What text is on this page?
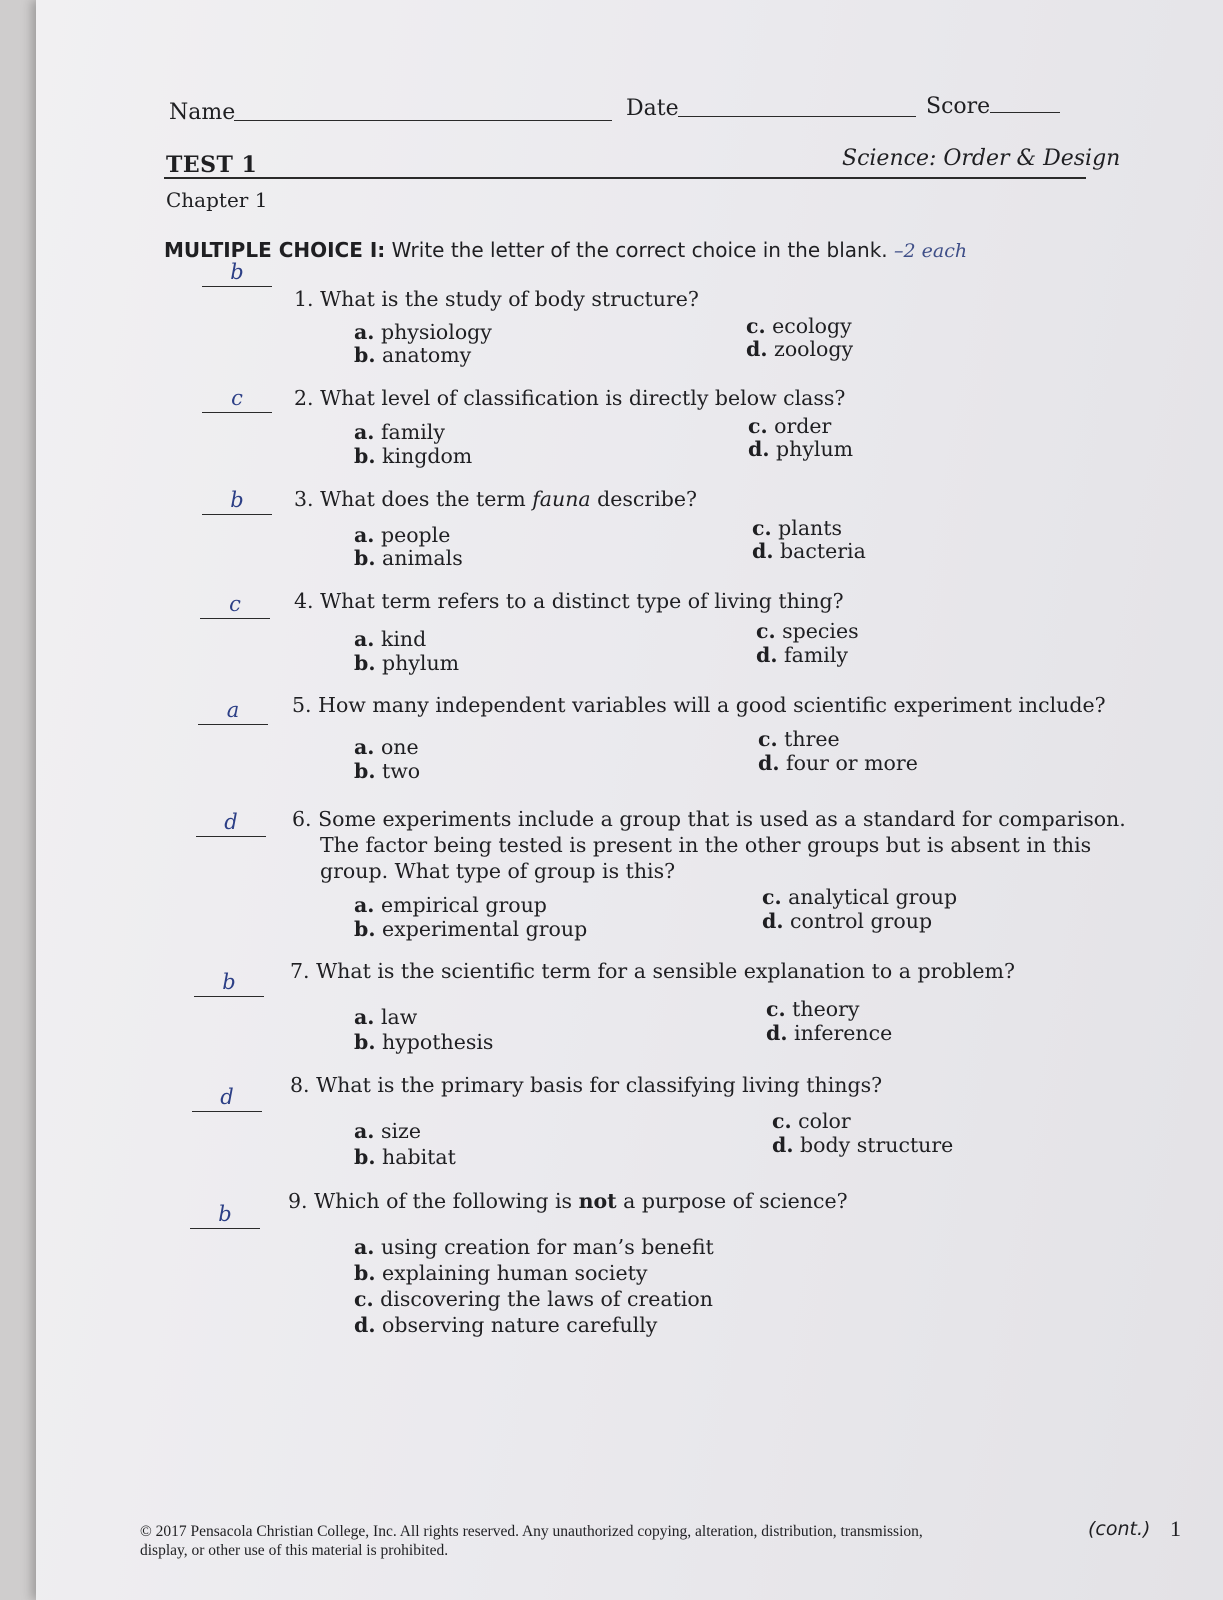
Name	Date	Score
TEST 1	Science: Order & Design
Chapter 1
MULTIPLE CHOICE I: Write the letter of the correct choice in the blank. –2 each
b
1. What is the study of body structure?
a. physiology
b. anatomy
c. ecology
d. zoology
c	2. What level of classification is directly below class?
a. family
b. kingdom
c. order
d. phylum
b	3. What does the term fauna describe?
a. people
b. animals
c. plants
d. bacteria
c	4. What term refers to a distinct type of living thing?
a. kind
b. phylum
c. species
d. family
a	5. How many independent variables will a good scientific experiment include?
a. one
b. two
c. three
d. four or more
d	6. Some experiments include a group that is used as a standard for comparison.
The factor being tested is present in the other groups but is absent in this
group. What type of group is this?
a. empirical group
b. experimental group
c. analytical group
d. control group
b	7. What is the scientific term for a sensible explanation to a problem?
a. law
b. hypothesis
c. theory
d. inference
d	8. What is the primary basis for classifying living things?
a. size
b. habitat
c. color
d. body structure
b
9. Which of the following is not a purpose of science?
a. using creation for man’s benefit
b. explaining human society
c. discovering the laws of creation
d. observing nature carefully
© 2017 Pensacola Christian College, Inc. All rights reserved. Any unauthorized copying, alteration, distribution, transmission,
display, or other use of this material is prohibited.
(cont.) 1
